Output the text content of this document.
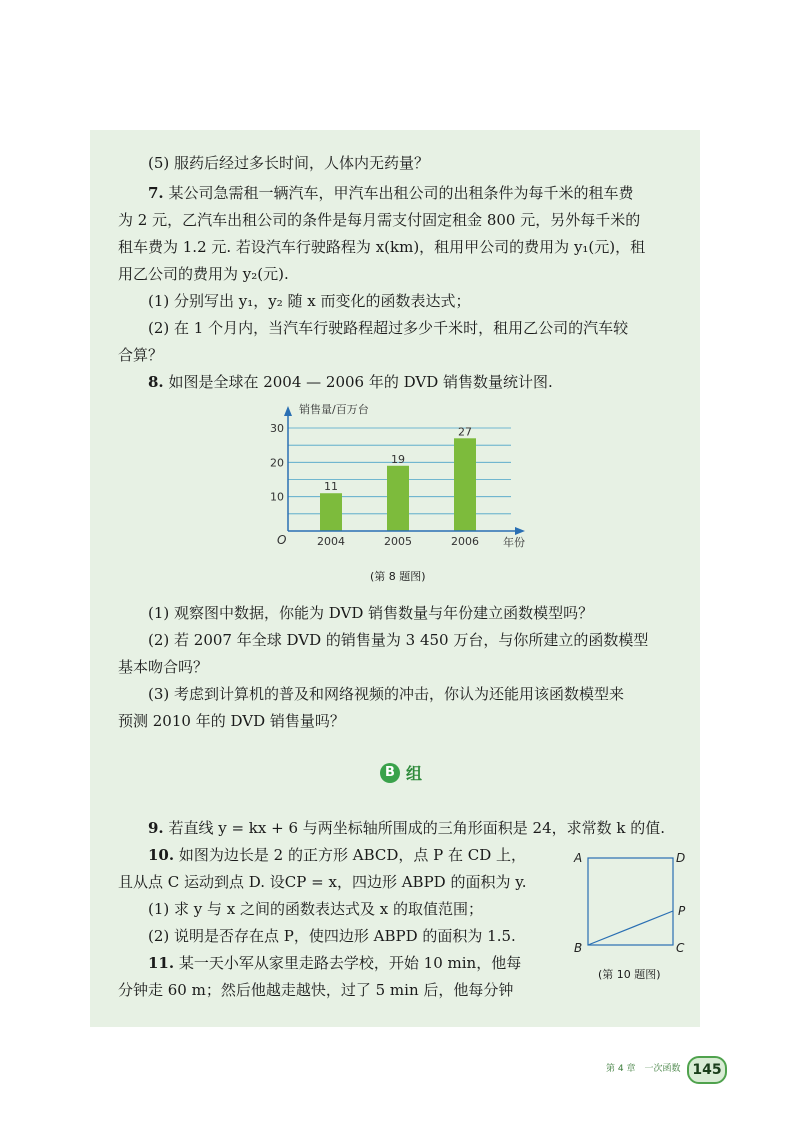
(5) 服药后经过多长时间，人体内无药量？
7. 某公司急需租一辆汽车，甲汽车出租公司的出租条件为每千米的租车费
为 2 元，乙汽车出租公司的条件是每月需支付固定租金 800 元，另外每千米的
租车费为 1.2 元. 若设汽车行驶路程为 x(km)，租用甲公司的费用为 y₁(元)，租
用乙公司的费用为 y₂(元).
(1) 分别写出 y₁，y₂ 随 x 而变化的函数表达式；
(2) 在 1 个月内，当汽车行驶路程超过多少千米时，租用乙公司的汽车较
合算？
8. 如图是全球在 2004 — 2006 年的 DVD 销售数量统计图.
销售量/百万台
年份
O
10
20
30
11
2004
19
2005
27
2006
(第 8 题图)
(1) 观察图中数据，你能为 DVD 销售数量与年份建立函数模型吗？
(2) 若 2007 年全球 DVD 的销售量为 3 450 万台，与你所建立的函数模型
基本吻合吗？
(3) 考虑到计算机的普及和网络视频的冲击，你认为还能用该函数模型来
预测 2010 年的 DVD 销售量吗？
B 组
9. 若直线 y = kx + 6 与两坐标轴所围成的三角形面积是 24，求常数 k 的值.
10. 如图为边长是 2 的正方形 ABCD，点 P 在 CD 上，
且从点 C 运动到点 D. 设CP = x，四边形 ABPD 的面积为 y.
(1) 求 y 与 x 之间的函数表达式及 x 的取值范围；
(2) 说明是否存在点 P，使四边形 ABPD 的面积为 1.5.
11. 某一天小军从家里走路去学校，开始 10 min，他每
分钟走 60 m；然后他越走越快，过了 5 min 后，他每分钟
A	D
P
B	C
(第 10 题图)
第 4 章　一次函数 145
